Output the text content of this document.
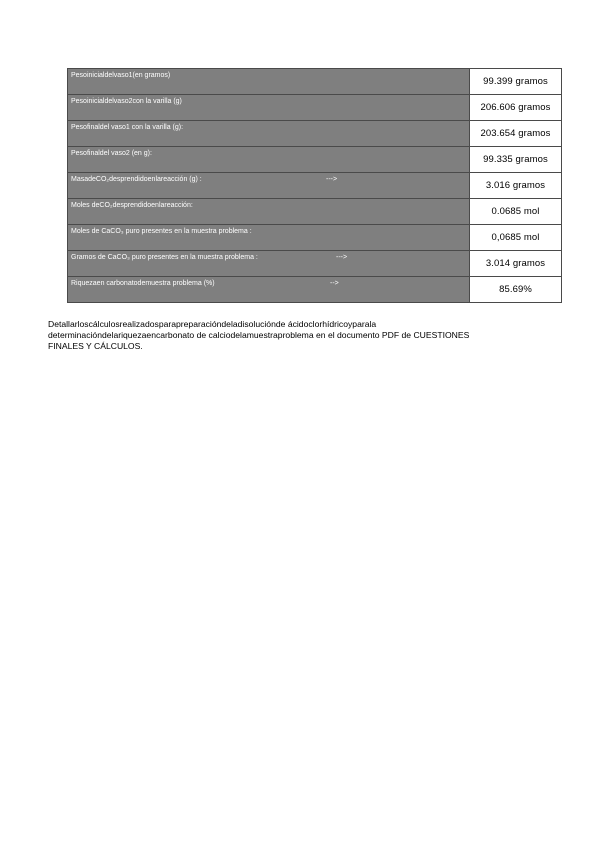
Pesoinicialdelvaso1(en gramos)	99.399 gramos

Pesoinicialdelvaso2con la varilla (g)	206.606 gramos

Pesofinaldel vaso1 con la varilla (g):	203.654 gramos

Pesofinaldel vaso2 (en g):	99.335 gramos

MasadeCO₂desprendidoenlareacción (g) : --->	3.016 gramos

Moles deCO₂desprendidoenlareacción:	0.0685 mol

Moles de CaCO₃ puro presentes en la muestra problema :	0,0685 mol

Gramos de CaCO₃ puro presentes en la muestra problema : --->	3.014 gramos

Riquezaen carbonatodemuestra problema (%) -->	85.69%

Detallarloscálculosrealizadosparapreparacióndeladisoluciónde ácidoclorhídricoyparala

determinacióndelariquezaencarbonato de calciodelamuestraproblema en el documento PDF de CUESTIONES

FINALES Y CÁLCULOS.
